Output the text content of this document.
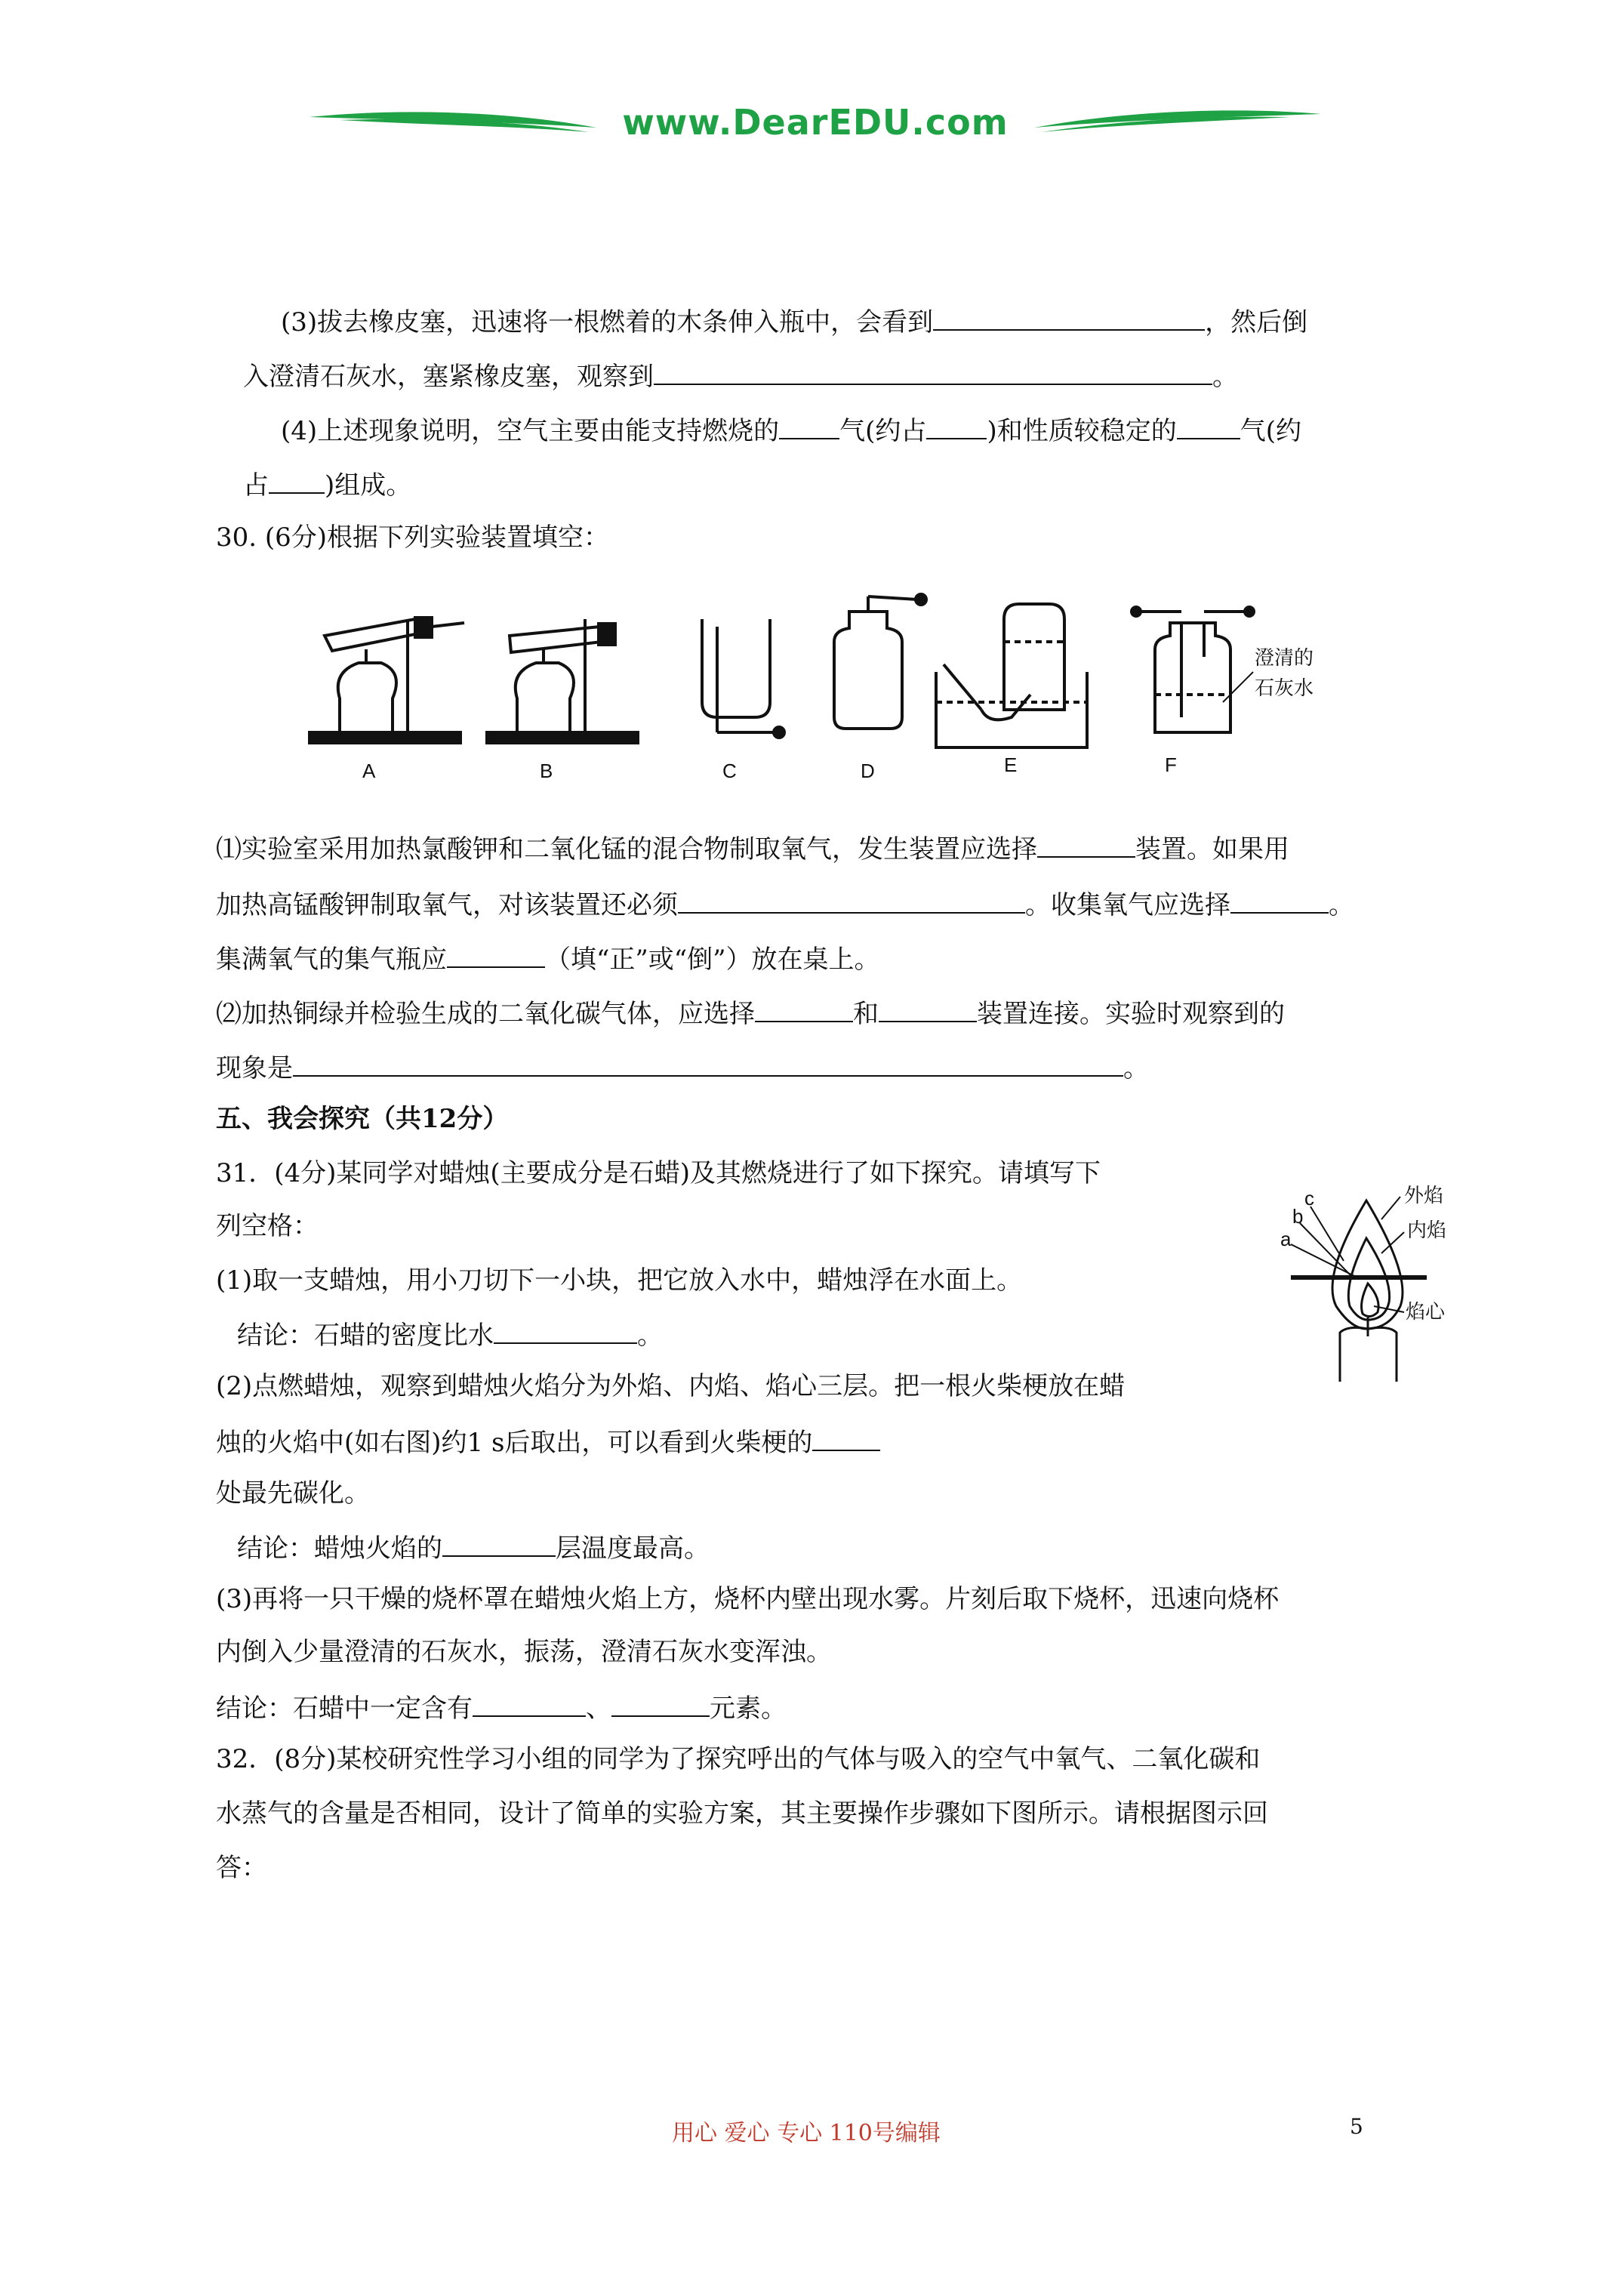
www.DearEDU.com
(3)拔去橡皮塞，迅速将一根燃着的木条伸入瓶中，会看到	，然后倒
入澄清石灰水，塞紧橡皮塞，观察到	。
(4)上述现象说明，空气主要由能支持燃烧的 气(约占 )和性质较稳定的 气(约
占 )组成。
30. (6分)根据下列实验装置填空：
A	B	C	D	E	F
澄清的
石灰水
⑴实验室采用加热氯酸钾和二氧化锰的混合物制取氧气，发生装置应选择	装置。如果用
加热高锰酸钾制取氧气，对该装置还必须	。收集氧气应选择	。
集满氧气的集气瓶应	（填“正”或“倒”）放在桌上。
⑵加热铜绿并检验生成的二氧化碳气体，应选择	和	装置连接。实验时观察到的
现象是	。
五、我会探究（共12分）
31．(4分)某同学对蜡烛(主要成分是石蜡)及其燃烧进行了如下探究。请填写下
列空格：
(1)取一支蜡烛，用小刀切下一小块，把它放入水中，蜡烛浮在水面上。
结论：石蜡的密度比水	。
(2)点燃蜡烛，观察到蜡烛火焰分为外焰、内焰、焰心三层。把一根火柴梗放在蜡
烛的火焰中(如右图)约1 s后取出，可以看到火柴梗的
处最先碳化。
结论：蜡烛火焰的	层温度最高。
(3)再将一只干燥的烧杯罩在蜡烛火焰上方，烧杯内壁出现水雾。片刻后取下烧杯，迅速向烧杯
内倒入少量澄清的石灰水，振荡，澄清石灰水变浑浊。
结论：石蜡中一定含有	、	元素。
c
b
a
外焰
内焰
焰心
32．(8分)某校研究性学习小组的同学为了探究呼出的气体与吸入的空气中氧气、二氧化碳和
水蒸气的含量是否相同，设计了简单的实验方案，其主要操作步骤如下图所示。请根据图示回
答：
用心 爱心 专心 110号编辑	5
